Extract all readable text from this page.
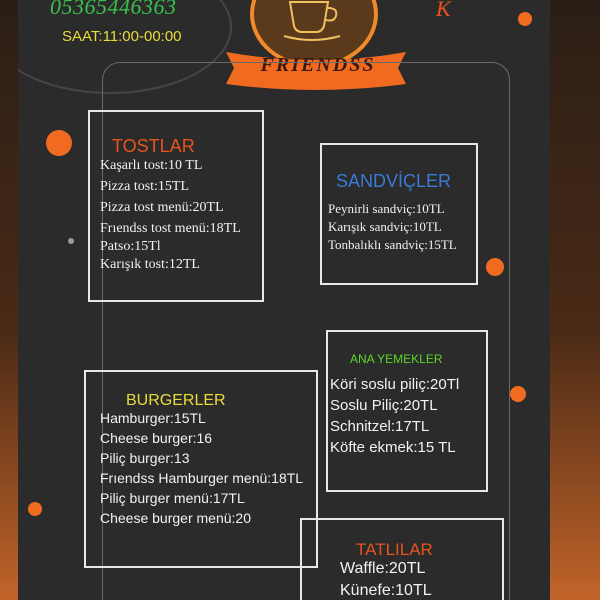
05365446363
SAAT:11:00-00:00
FRIENDSS
K
TOSTLAR
Kaşarlı tost:10 TL
Pizza tost:15TL
Pizza tost menü:20TL
Frıendss tost menü:18TL
Patso:15Tl
Karışık tost:12TL
SANDVİÇLER
Peynirli sandviç:10TL
Karışık sandviç:10TL
Tonbalıklı sandviç:15TL
ANA YEMEKLER
Köri soslu piliç:20Tl
Soslu Piliç:20TL
Schnitzel:17TL
Köfte ekmek:15 TL
BURGERLER
Hamburger:15TL
Cheese burger:16
Piliç burger:13
Frıendss Hamburger menü:18TL
Piliç burger menü:17TL
Cheese burger menü:20
TATLILAR
Waffle:20TL
Künefe:10TL
